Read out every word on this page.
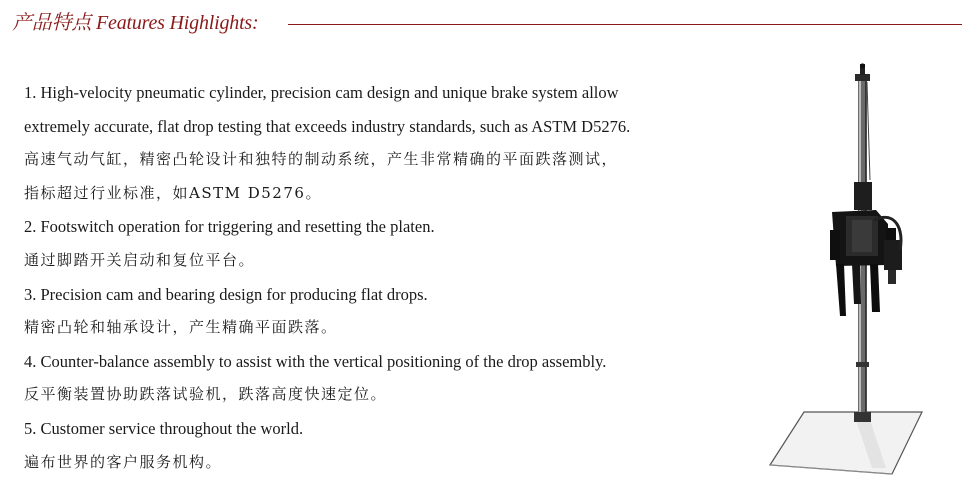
产品特点 Features Highlights:
1. High-velocity pneumatic cylinder, precision cam design and unique brake system allow
extremely accurate, flat drop testing that exceeds industry standards, such as ASTM D5276.
高速气动气缸，精密凸轮设计和独特的制动系统，产生非常精确的平面跌落测试，
指标超过行业标准，如ASTM D5276。
2. Footswitch operation for triggering and resetting the platen.
通过脚踏开关启动和复位平台。
3. Precision cam and bearing design for producing flat drops.
精密凸轮和轴承设计，产生精确平面跌落。
4. Counter-balance assembly to assist with the vertical positioning of the drop assembly.
反平衡装置协助跌落试验机，跌落高度快速定位。
5. Customer service throughout the world.
遍布世界的客户服务机构。
